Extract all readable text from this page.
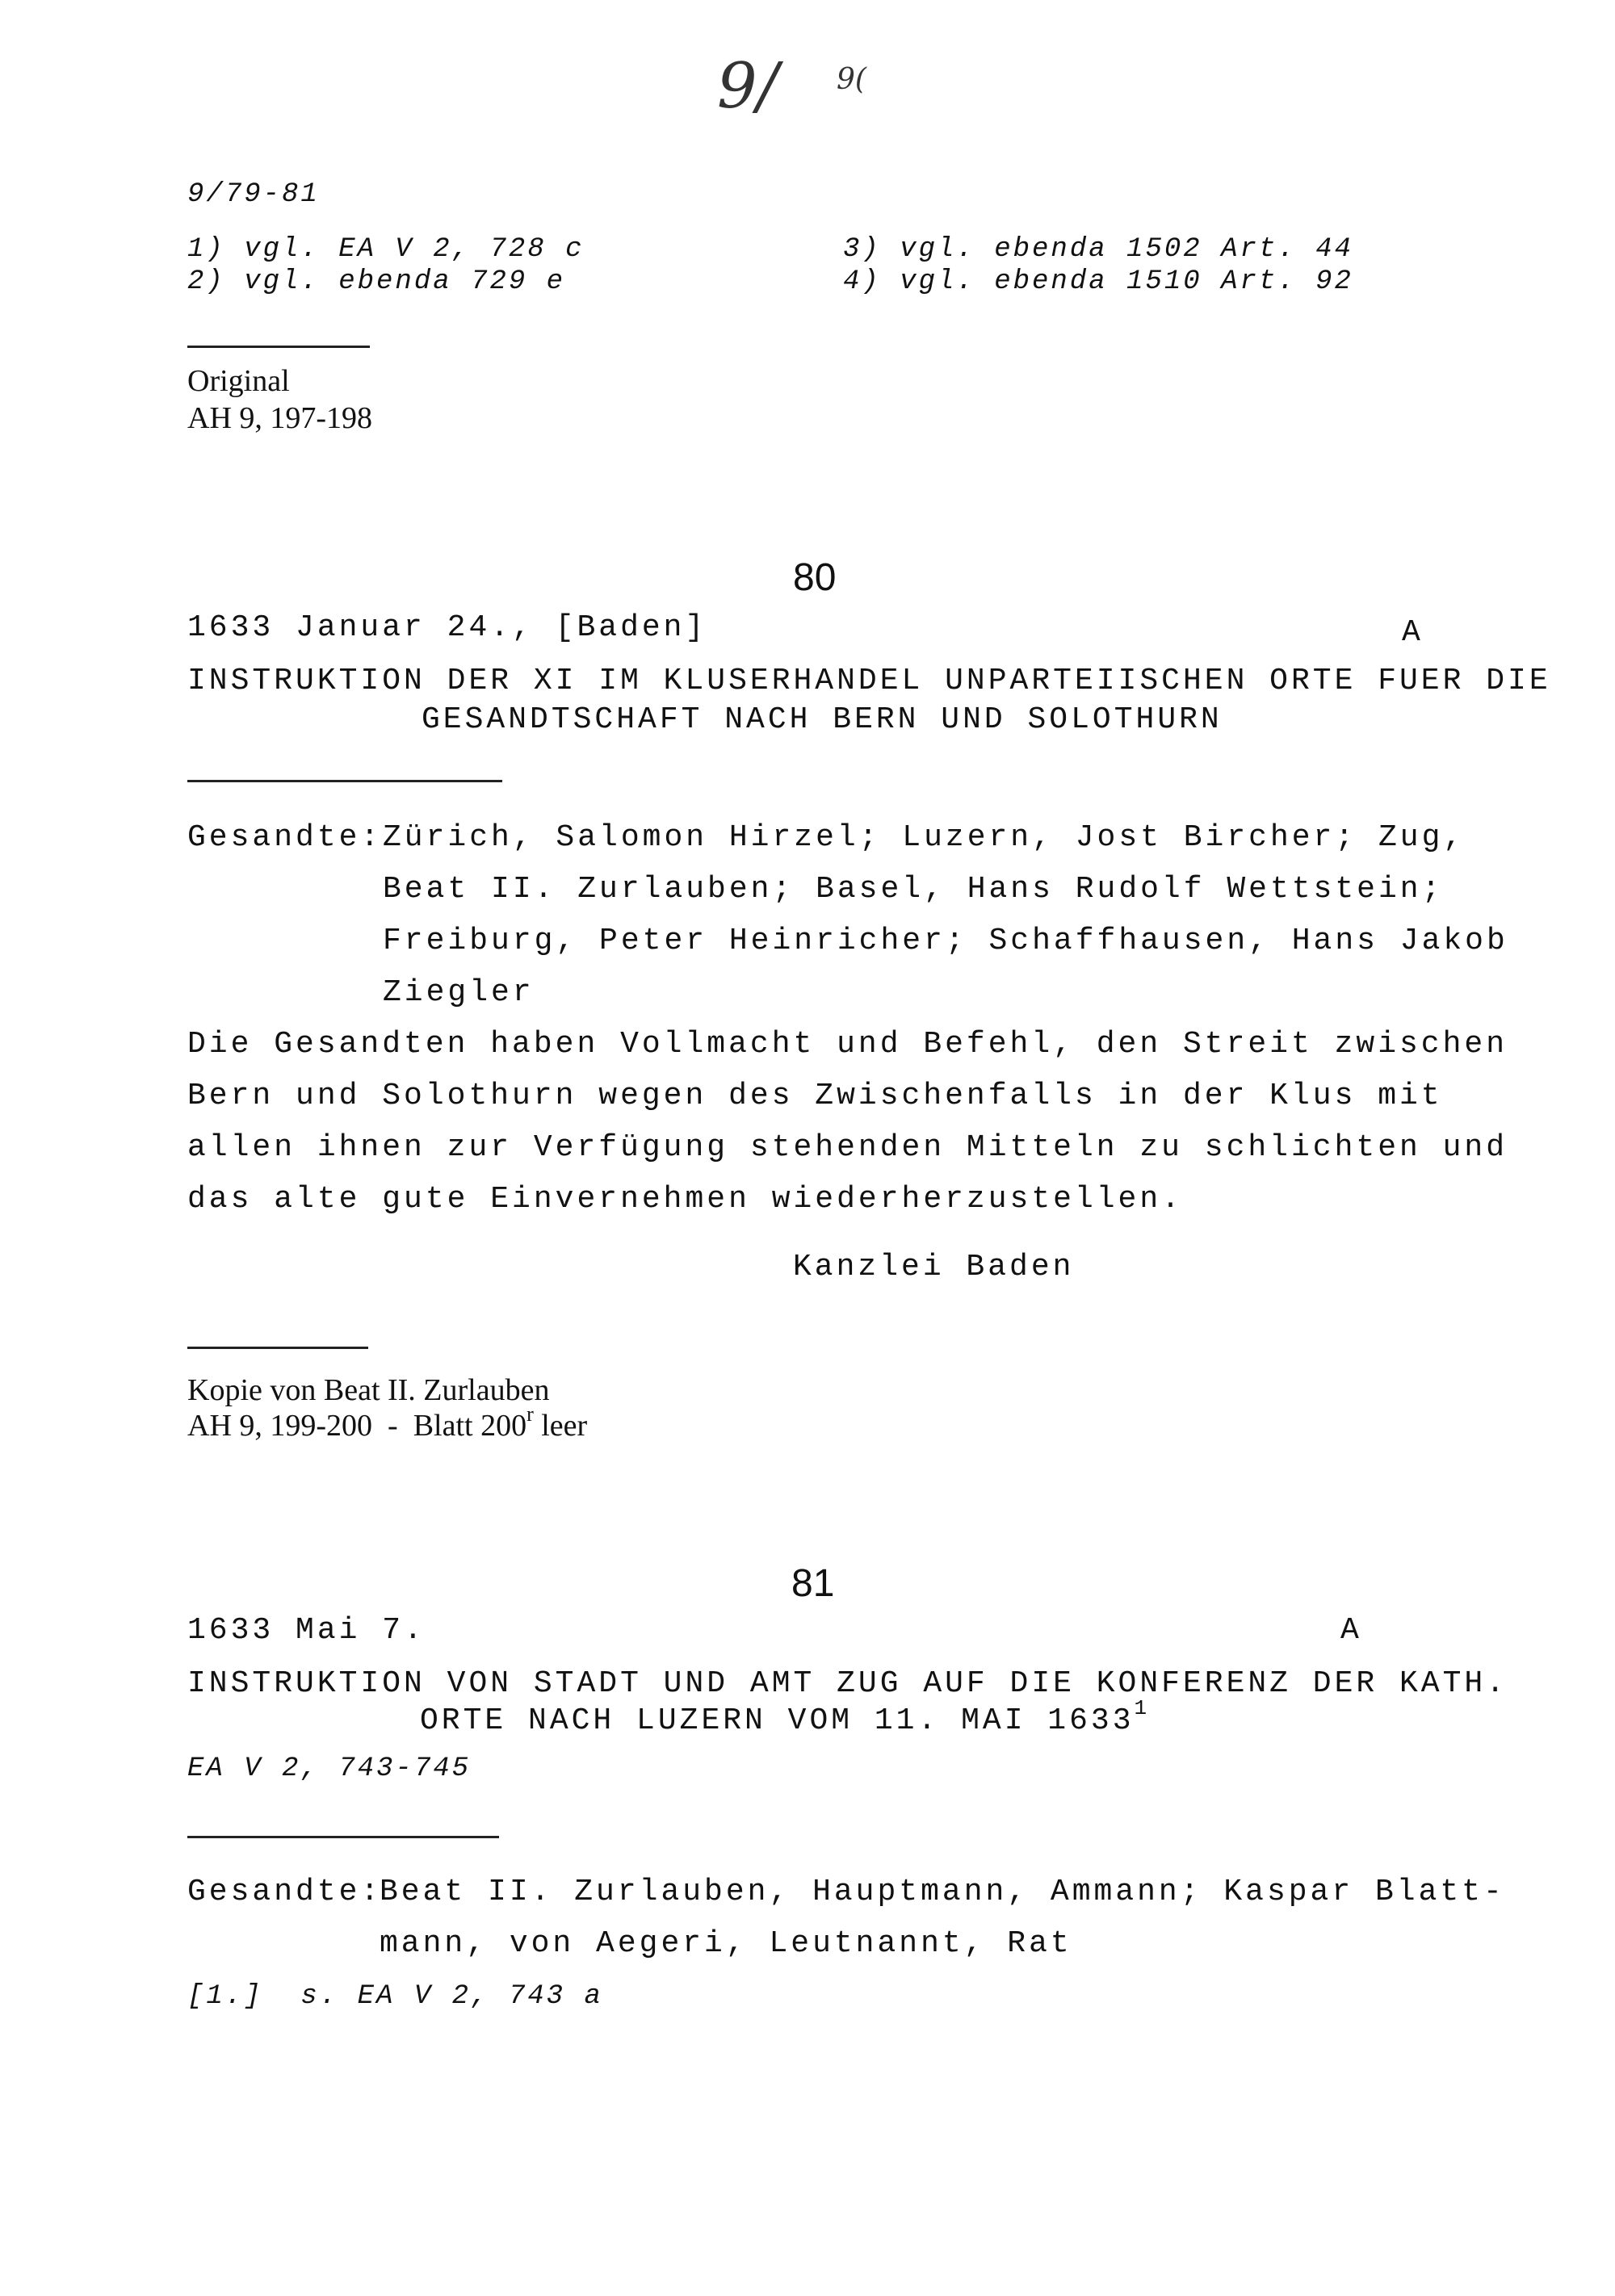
9/ 9(
9/79-81
1) vgl. EA V 2, 728 c
2) vgl. ebenda 729 e
3) vgl. ebenda 1502 Art. 44
4) vgl. ebenda 1510 Art. 92
Original
AH 9, 197-198
80
1633 Januar 24., [Baden]	A
INSTRUKTION DER XI IM KLUSERHANDEL UNPARTEIISCHEN ORTE FUER DIE
GESANDTSCHAFT NACH BERN UND SOLOTHURN
Gesandte: Zürich, Salomon Hirzel; Luzern, Jost Bircher; Zug,
Beat II. Zurlauben; Basel, Hans Rudolf Wettstein;
Freiburg, Peter Heinricher; Schaffhausen, Hans Jakob
Ziegler
Die Gesandten haben Vollmacht und Befehl, den Streit zwischen
Bern und Solothurn wegen des Zwischenfalls in der Klus mit
allen ihnen zur Verfügung stehenden Mitteln zu schlichten und
das alte gute Einvernehmen wiederherzustellen.
Kanzlei Baden
Kopie von Beat II. Zurlauben
AH 9, 199-200  -  Blatt 200$^r$ leer
81
1633 Mai 7.	A
INSTRUKTION VON STADT UND AMT ZUG AUF DIE KONFERENZ DER KATH.
ORTE NACH LUZERN VOM 11. MAI 1633$^1$
EA V 2, 743-745
Gesandte:
Beat II. Zurlauben, Hauptmann, Ammann; Kaspar Blatt-
mann, von Aegeri, Leutnannt, Rat
[1.]  s. EA V 2, 743 a
